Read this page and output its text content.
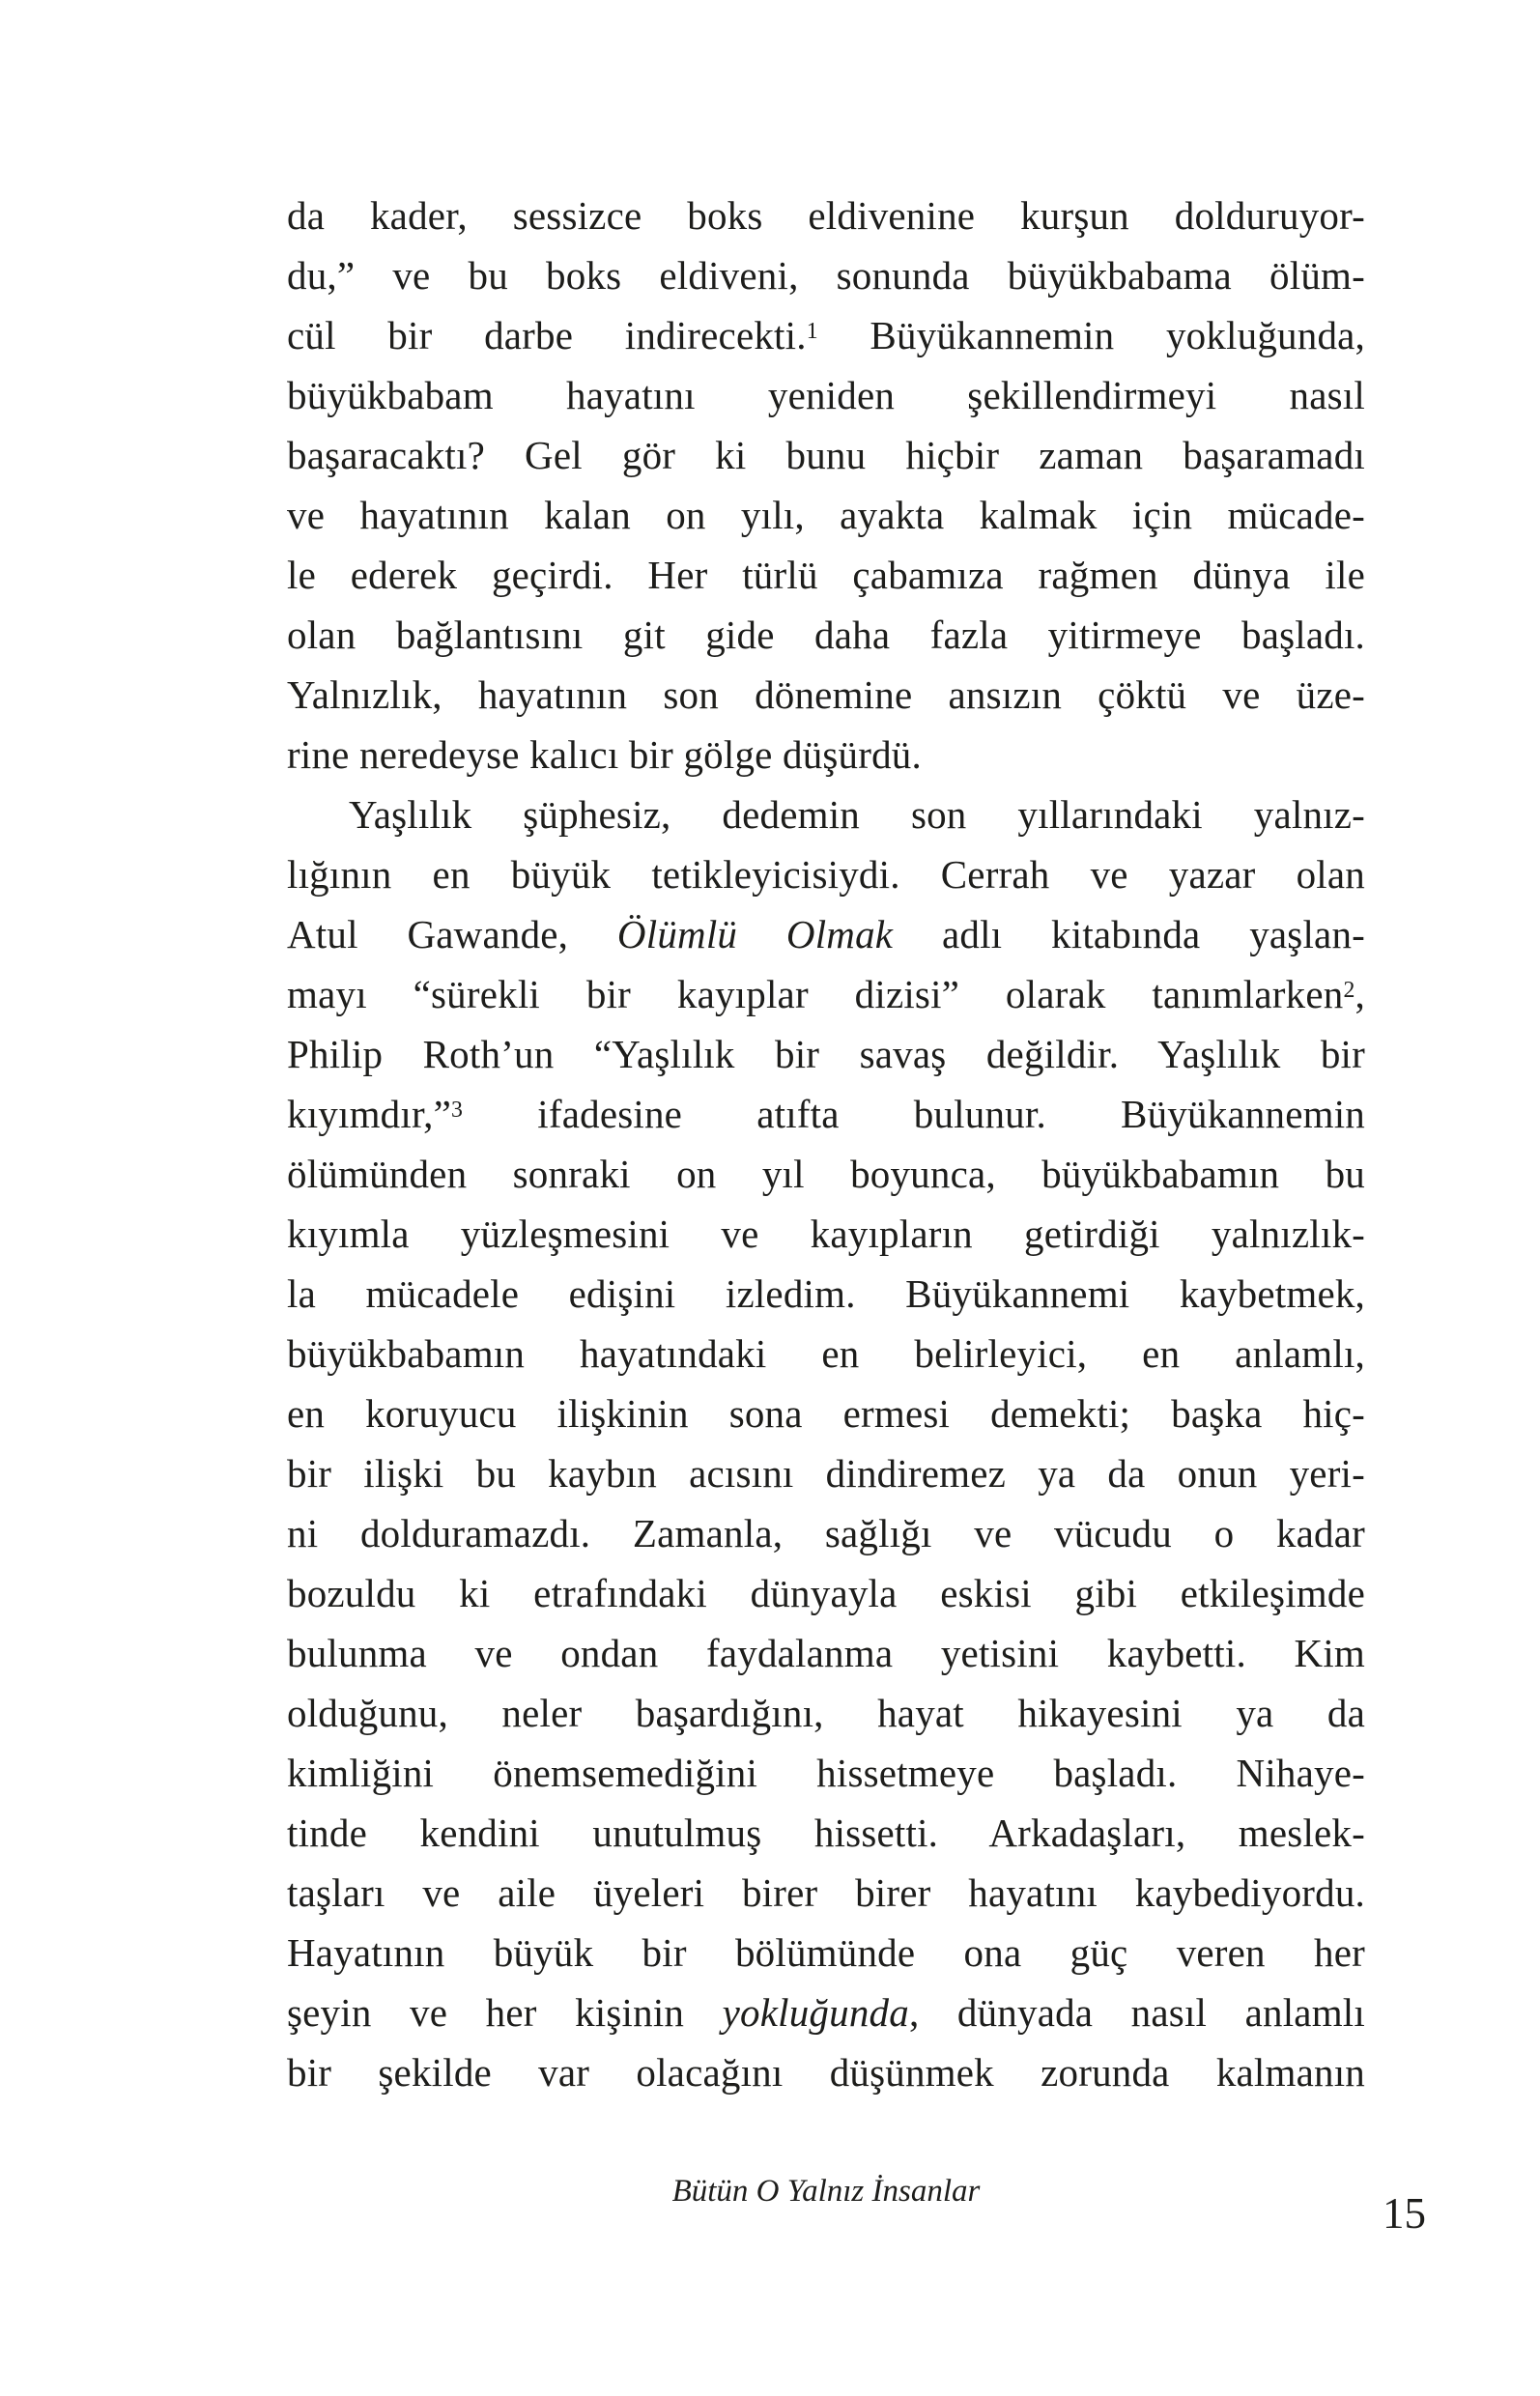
da kader, sessizce boks eldivenine kurşun dolduruyor-
du,” ve bu boks eldiveni, sonunda büyükbabama ölüm-
cül bir darbe indirecekti.$^1$ Büyükannemin yokluğunda,
büyükbabam hayatını yeniden şekillendirmeyi nasıl
başaracaktı? Gel gör ki bunu hiçbir zaman başaramadı
ve hayatının kalan on yılı, ayakta kalmak için mücade-
le ederek geçirdi. Her türlü çabamıza rağmen dünya ile
olan bağlantısını git gide daha fazla yitirmeye başladı.
Yalnızlık, hayatının son dönemine ansızın çöktü ve üze-
rine neredeyse kalıcı bir gölge düşürdü.
Yaşlılık şüphesiz, dedemin son yıllarındaki yalnız-
lığının en büyük tetikleyicisiydi. Cerrah ve yazar olan
Atul Gawande, Ölümlü Olmak adlı kitabında yaşlan-
mayı “sürekli bir kayıplar dizisi” olarak tanımlarken$^2$,
Philip Roth’un “Yaşlılık bir savaş değildir. Yaşlılık bir
kıyımdır,”$^3$ ifadesine atıfta bulunur. Büyükannemin
ölümünden sonraki on yıl boyunca, büyükbabamın bu
kıyımla yüzleşmesini ve kayıpların getirdiği yalnızlık-
la mücadele edişini izledim. Büyükannemi kaybetmek,
büyükbabamın hayatındaki en belirleyici, en anlamlı,
en koruyucu ilişkinin sona ermesi demekti; başka hiç-
bir ilişki bu kaybın acısını dindiremez ya da onun yeri-
ni dolduramazdı. Zamanla, sağlığı ve vücudu o kadar
bozuldu ki etrafındaki dünyayla eskisi gibi etkileşimde
bulunma ve ondan faydalanma yetisini kaybetti. Kim
olduğunu, neler başardığını, hayat hikayesini ya da
kimliğini önemsemediğini hissetmeye başladı. Nihaye-
tinde kendini unutulmuş hissetti. Arkadaşları, meslek-
taşları ve aile üyeleri birer birer hayatını kaybediyordu.
Hayatının büyük bir bölümünde ona güç veren her
şeyin ve her kişinin yokluğunda, dünyada nasıl anlamlı
bir şekilde var olacağını düşünmek zorunda kalmanın
Bütün O Yalnız İnsanlar	15
